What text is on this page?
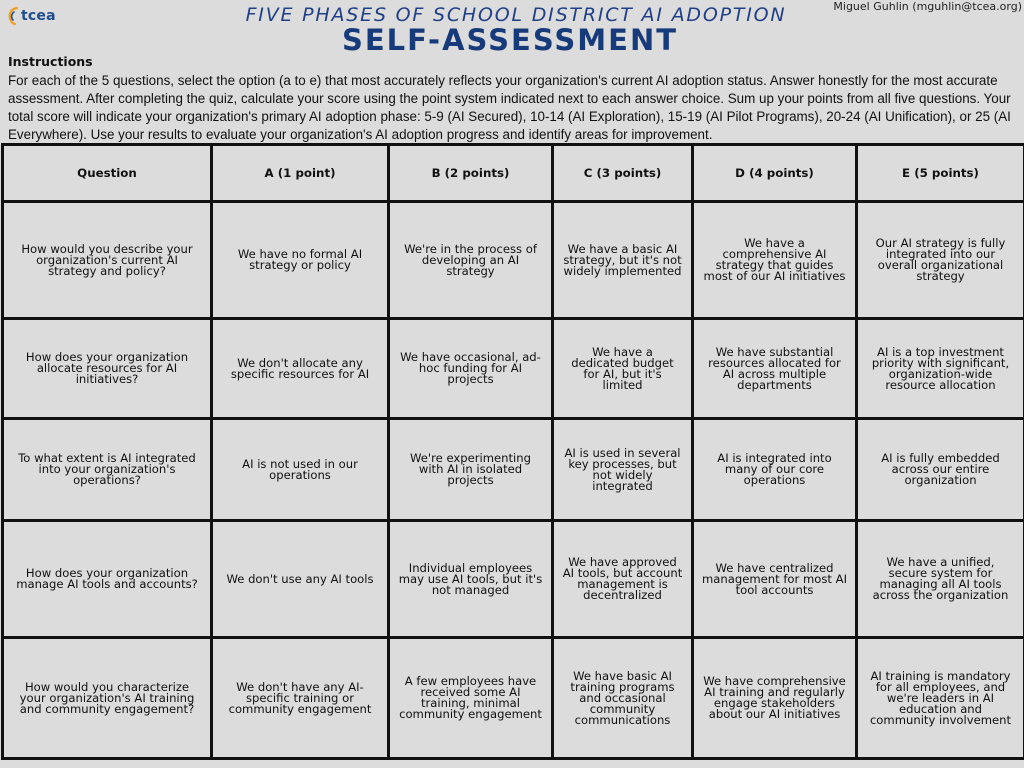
tcea
Miguel Guhlin (mguhlin@tcea.org)
FIVE PHASES OF SCHOOL DISTRICT AI ADOPTION
SELF-ASSESSMENT
Instructions
For each of the 5 questions, select the option (a to e) that most accurately reflects your organization's current AI adoption status. Answer honestly for the most accurate assessment. After completing the quiz, calculate your score using the point system indicated next to each answer choice. Sum up your points from all five questions. Your total score will indicate your organization's primary AI adoption phase: 5-9 (AI Secured), 10-14 (AI Exploration), 15-19 (AI Pilot Programs), 20-24 (AI Unification), or 25 (AI Everywhere). Use your results to evaluate your organization's AI adoption progress and identify areas for improvement.
Question	A (1 point)	B (2 points)	C (3 points)	D (4 points)	E (5 points)
How would you describe your organization's current AI strategy and policy?	We have no formal AI strategy or policy	We're in the process of developing an AI strategy	We have a basic AI strategy, but it's not widely implemented	We have a comprehensive AI strategy that guides most of our AI initiatives	Our AI strategy is fully integrated into our overall organizational strategy
How does your organization allocate resources for AI initiatives?	We don't allocate any specific resources for AI	We have occasional, ad-hoc funding for AI projects	We have a dedicated budget for AI, but it's limited	We have substantial resources allocated for AI across multiple departments	AI is a top investment priority with significant, organization-wide resource allocation
To what extent is AI integrated into your organization's operations?	AI is not used in our operations	We're experimenting with AI in isolated projects	AI is used in several key processes, but not widely integrated	AI is integrated into many of our core operations	AI is fully embedded across our entire organization
How does your organization manage AI tools and accounts?	We don't use any AI tools	Individual employees may use AI tools, but it's not managed	We have approved AI tools, but account management is decentralized	We have centralized management for most AI tool accounts	We have a unified, secure system for managing all AI tools across the organization
How would you characterize your organization's AI training and community engagement?	We don't have any AI-specific training or community engagement	A few employees have received some AI training, minimal community engagement	We have basic AI training programs and occasional community communications	We have comprehensive AI training and regularly engage stakeholders about our AI initiatives	AI training is mandatory for all employees, and we're leaders in AI education and community involvement
